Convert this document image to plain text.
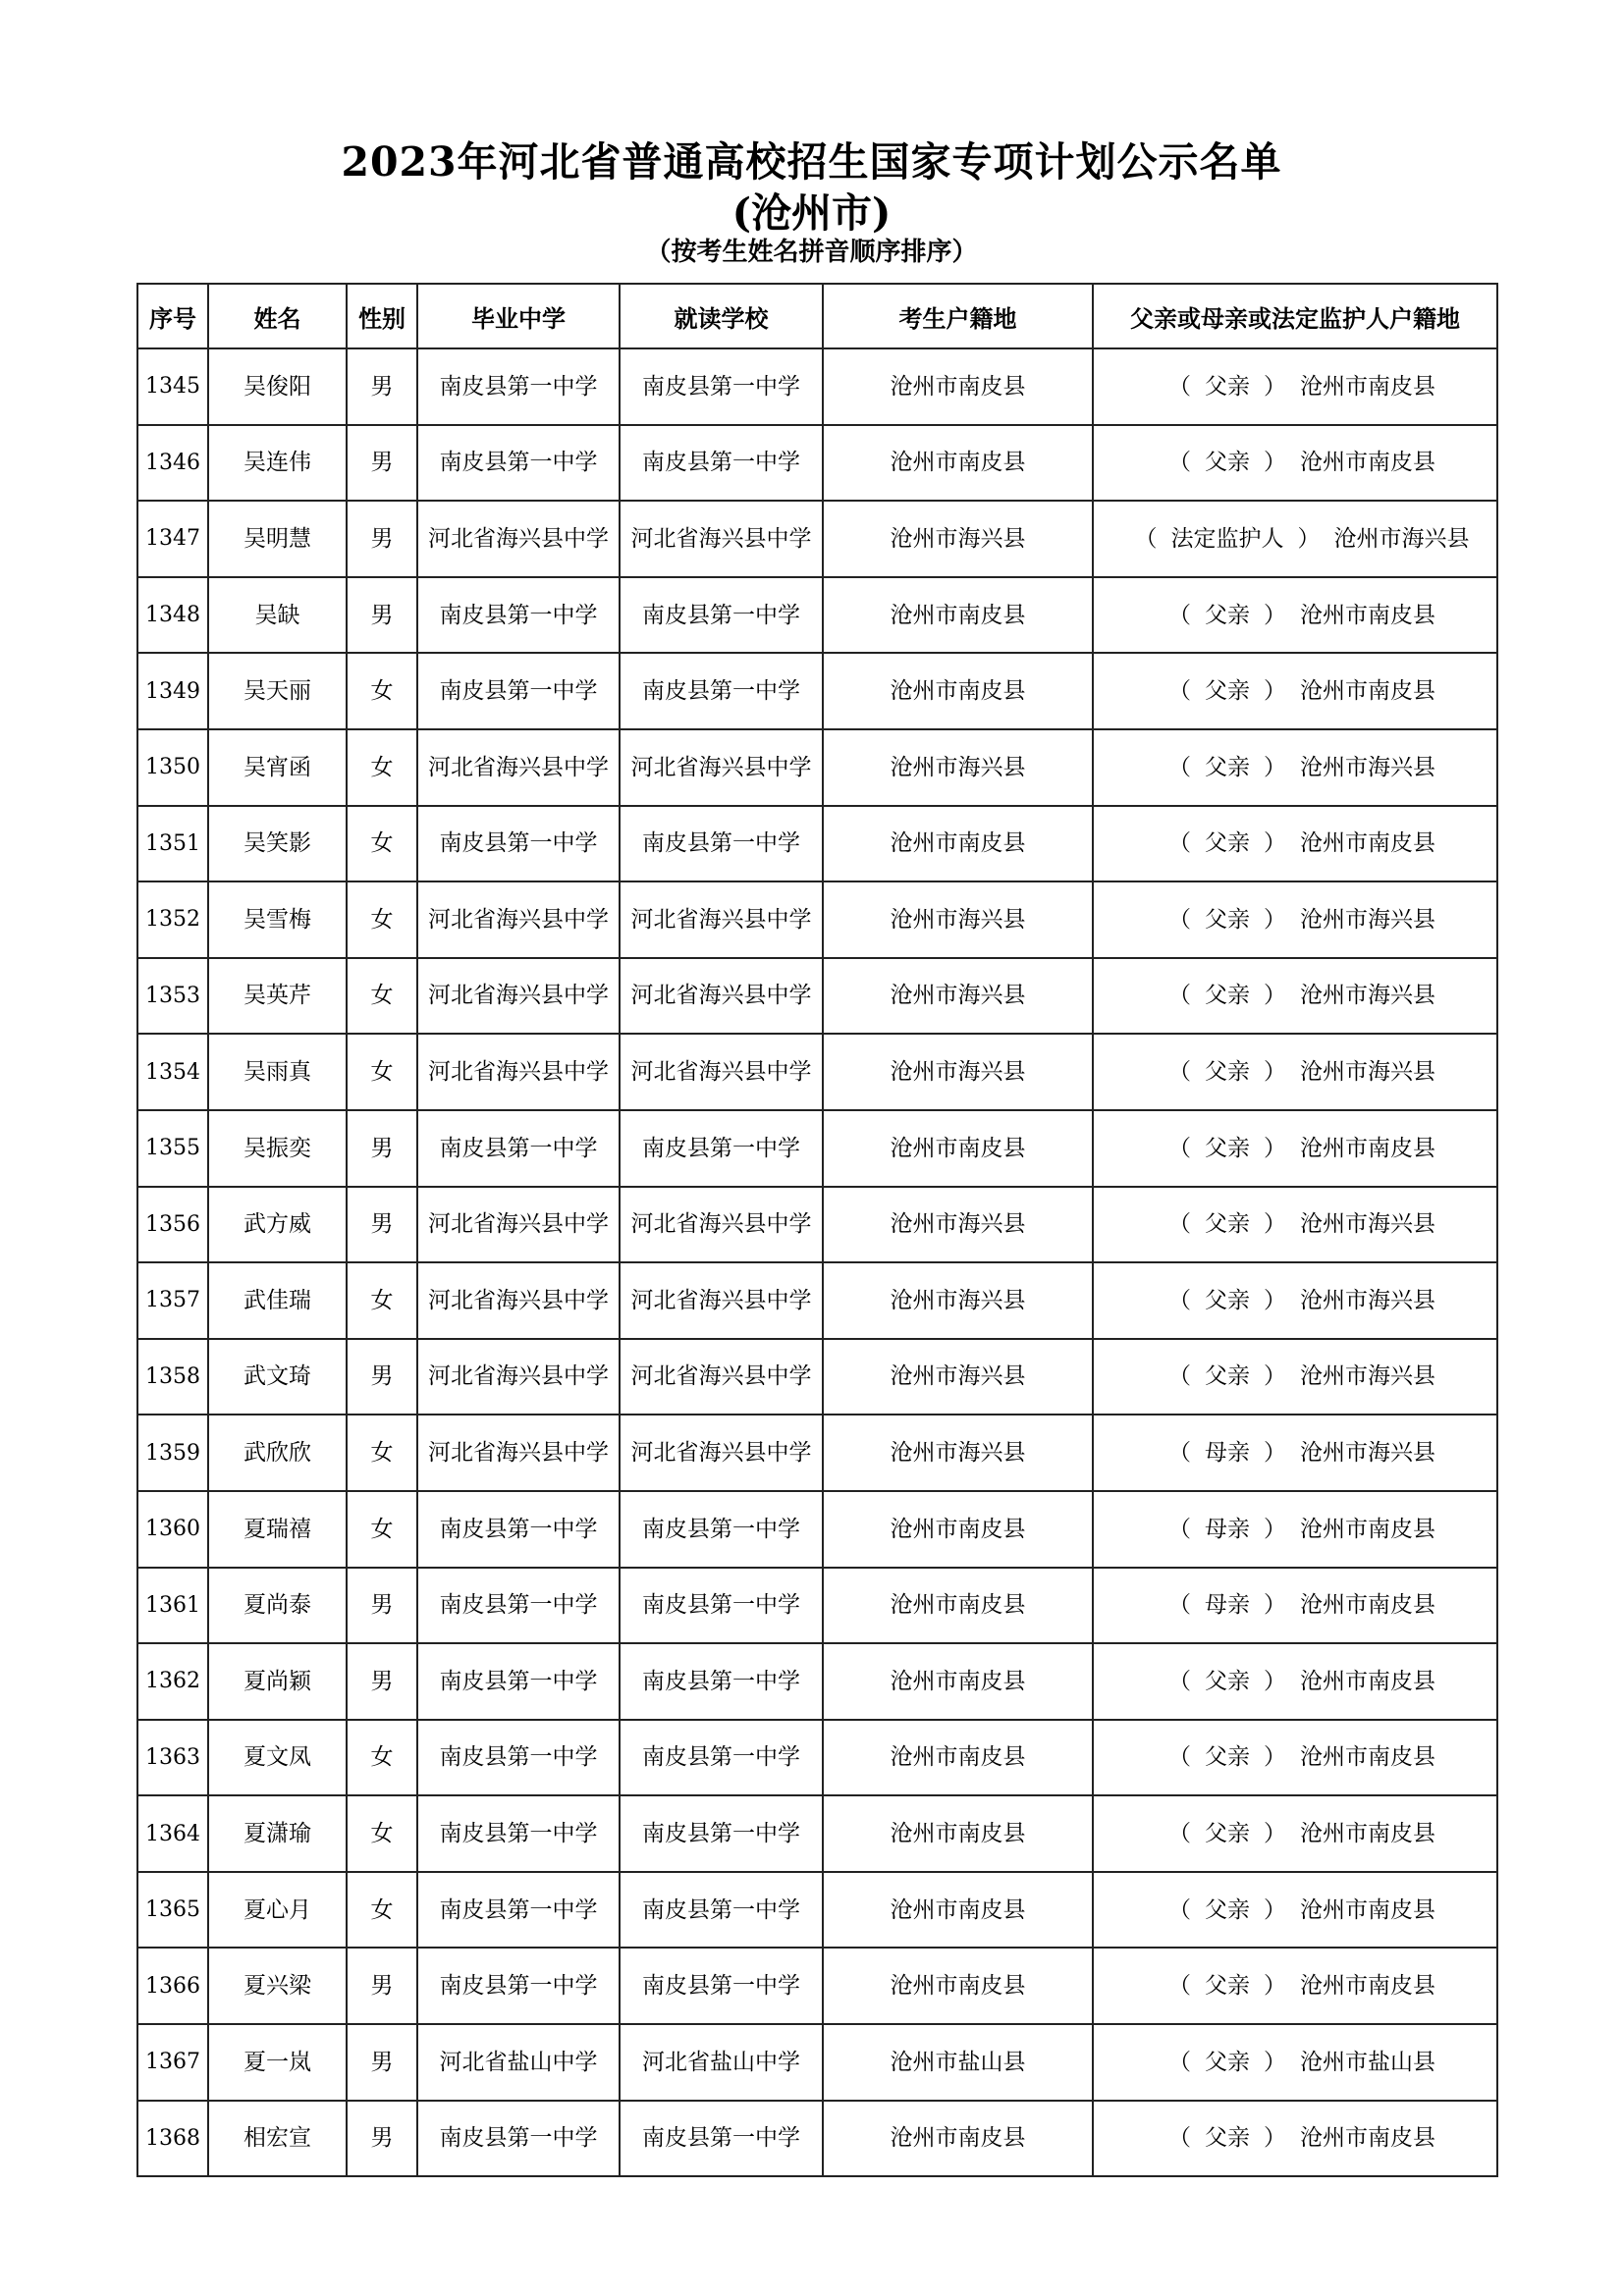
2023年河北省普通高校招生国家专项计划公示名单
(沧州市)
（按考生姓名拼音顺序排序）
序号	姓名	性别	毕业中学	就读学校	考生户籍地	父亲或母亲或法定监护人户籍地
1345	吴俊阳	男	南皮县第一中学	南皮县第一中学	沧州市南皮县	（ 父亲 ） 沧州市南皮县
1346	吴连伟	男	南皮县第一中学	南皮县第一中学	沧州市南皮县	（ 父亲 ） 沧州市南皮县
1347	吴明慧	男	河北省海兴县中学	河北省海兴县中学	沧州市海兴县	（ 法定监护人 ） 沧州市海兴县
1348	吴缺	男	南皮县第一中学	南皮县第一中学	沧州市南皮县	（ 父亲 ） 沧州市南皮县
1349	吴天丽	女	南皮县第一中学	南皮县第一中学	沧州市南皮县	（ 父亲 ） 沧州市南皮县
1350	吴宵函	女	河北省海兴县中学	河北省海兴县中学	沧州市海兴县	（ 父亲 ） 沧州市海兴县
1351	吴笑影	女	南皮县第一中学	南皮县第一中学	沧州市南皮县	（ 父亲 ） 沧州市南皮县
1352	吴雪梅	女	河北省海兴县中学	河北省海兴县中学	沧州市海兴县	（ 父亲 ） 沧州市海兴县
1353	吴英芹	女	河北省海兴县中学	河北省海兴县中学	沧州市海兴县	（ 父亲 ） 沧州市海兴县
1354	吴雨真	女	河北省海兴县中学	河北省海兴县中学	沧州市海兴县	（ 父亲 ） 沧州市海兴县
1355	吴振奕	男	南皮县第一中学	南皮县第一中学	沧州市南皮县	（ 父亲 ） 沧州市南皮县
1356	武方威	男	河北省海兴县中学	河北省海兴县中学	沧州市海兴县	（ 父亲 ） 沧州市海兴县
1357	武佳瑞	女	河北省海兴县中学	河北省海兴县中学	沧州市海兴县	（ 父亲 ） 沧州市海兴县
1358	武文琦	男	河北省海兴县中学	河北省海兴县中学	沧州市海兴县	（ 父亲 ） 沧州市海兴县
1359	武欣欣	女	河北省海兴县中学	河北省海兴县中学	沧州市海兴县	（ 母亲 ） 沧州市海兴县
1360	夏瑞禧	女	南皮县第一中学	南皮县第一中学	沧州市南皮县	（ 母亲 ） 沧州市南皮县
1361	夏尚泰	男	南皮县第一中学	南皮县第一中学	沧州市南皮县	（ 母亲 ） 沧州市南皮县
1362	夏尚颖	男	南皮县第一中学	南皮县第一中学	沧州市南皮县	（ 父亲 ） 沧州市南皮县
1363	夏文凤	女	南皮县第一中学	南皮县第一中学	沧州市南皮县	（ 父亲 ） 沧州市南皮县
1364	夏潇瑜	女	南皮县第一中学	南皮县第一中学	沧州市南皮县	（ 父亲 ） 沧州市南皮县
1365	夏心月	女	南皮县第一中学	南皮县第一中学	沧州市南皮县	（ 父亲 ） 沧州市南皮县
1366	夏兴梁	男	南皮县第一中学	南皮县第一中学	沧州市南皮县	（ 父亲 ） 沧州市南皮县
1367	夏一岚	男	河北省盐山中学	河北省盐山中学	沧州市盐山县	（ 父亲 ） 沧州市盐山县
1368	相宏宣	男	南皮县第一中学	南皮县第一中学	沧州市南皮县	（ 父亲 ） 沧州市南皮县
